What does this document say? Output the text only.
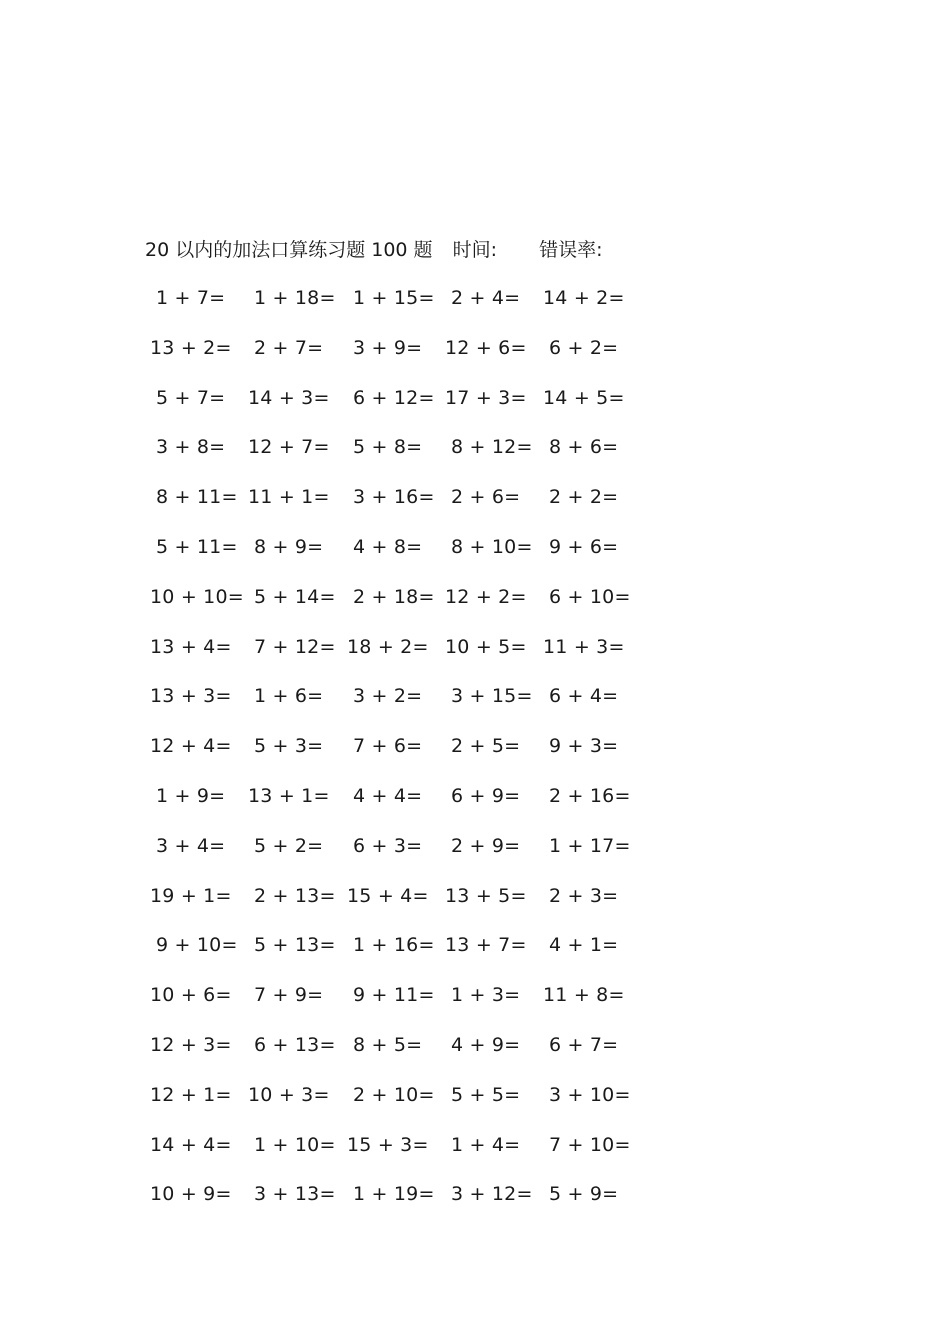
20 以内的加法口算练习题 100 题 时间: 错误率:
1 + 7= 1 + 18= 1 + 15= 2 + 4= 14 + 2=
13 + 2= 2 + 7= 3 + 9= 12 + 6= 6 + 2=
5 + 7= 14 + 3= 6 + 12= 17 + 3= 14 + 5=
3 + 8= 12 + 7= 5 + 8= 8 + 12= 8 + 6=
8 + 11= 11 + 1= 3 + 16= 2 + 6= 2 + 2=
5 + 11= 8 + 9= 4 + 8= 8 + 10= 9 + 6=
10 + 10= 5 + 14= 2 + 18= 12 + 2= 6 + 10=
13 + 4= 7 + 12= 18 + 2= 10 + 5= 11 + 3=
13 + 3= 1 + 6= 3 + 2= 3 + 15= 6 + 4=
12 + 4= 5 + 3= 7 + 6= 2 + 5= 9 + 3=
1 + 9= 13 + 1= 4 + 4= 6 + 9= 2 + 16=
3 + 4= 5 + 2= 6 + 3= 2 + 9= 1 + 17=
19 + 1= 2 + 13= 15 + 4= 13 + 5= 2 + 3=
9 + 10= 5 + 13= 1 + 16= 13 + 7= 4 + 1=
10 + 6= 7 + 9= 9 + 11= 1 + 3= 11 + 8=
12 + 3= 6 + 13= 8 + 5= 4 + 9= 6 + 7=
12 + 1= 10 + 3= 2 + 10= 5 + 5= 3 + 10=
14 + 4= 1 + 10= 15 + 3= 1 + 4= 7 + 10=
10 + 9= 3 + 13= 1 + 19= 3 + 12= 5 + 9=
